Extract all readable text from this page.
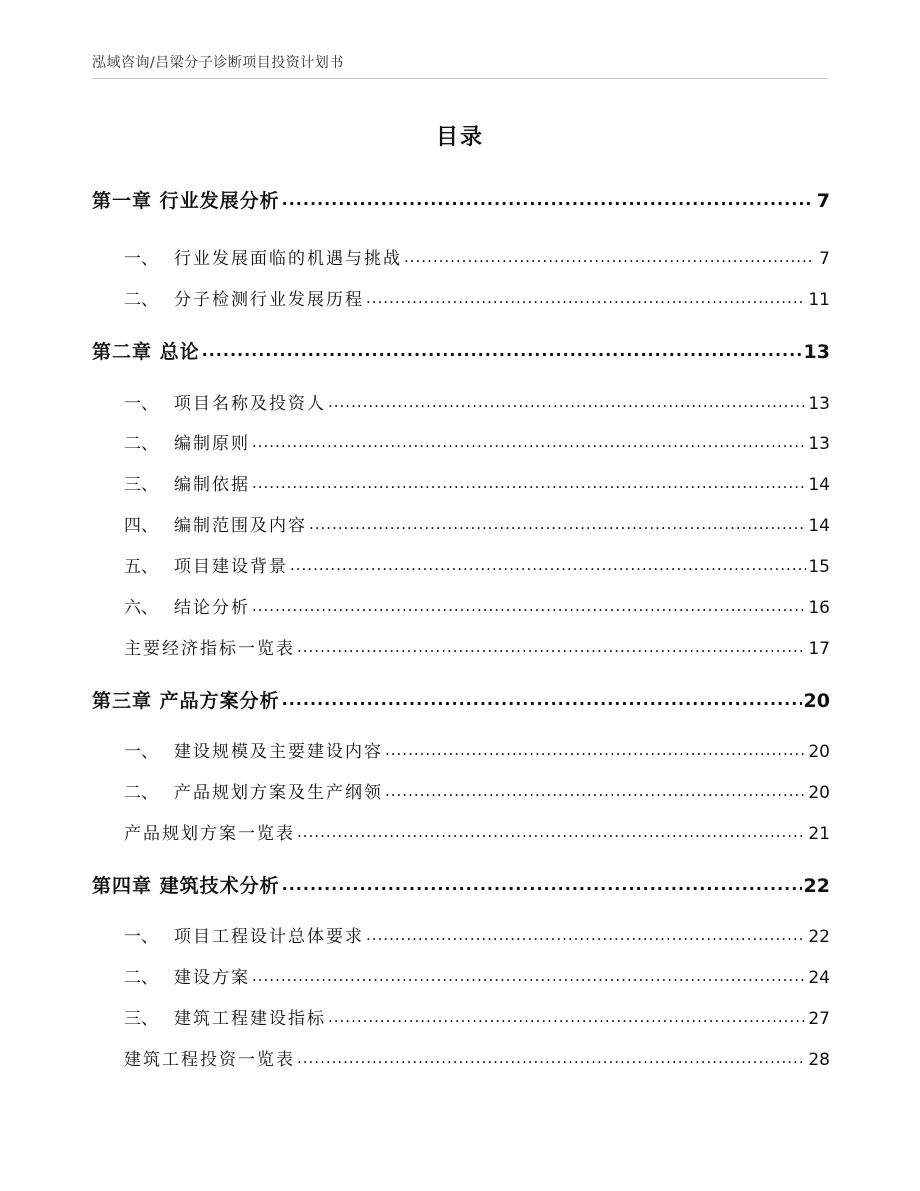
泓域咨询/吕梁分子诊断项目投资计划书
目录
第一章 行业发展分析 .....	7
一、 行业发展面临的机遇与挑战 .....	7
二、 分子检测行业发展历程 .....	11
第二章 总论 .....	13
一、 项目名称及投资人 .....	13
二、 编制原则 .....	13
三、 编制依据 .....	14
四、 编制范围及内容 .....	14
五、 项目建设背景 .....	15
六、 结论分析 .....	16
主要经济指标一览表 .....	17
第三章 产品方案分析 .....	20
一、 建设规模及主要建设内容 .....	20
二、 产品规划方案及生产纲领 .....	20
产品规划方案一览表 .....	21
第四章 建筑技术分析 .....	22
一、 项目工程设计总体要求 .....	22
二、 建设方案 .....	24
三、 建筑工程建设指标 .....	27
建筑工程投资一览表 .....	28
